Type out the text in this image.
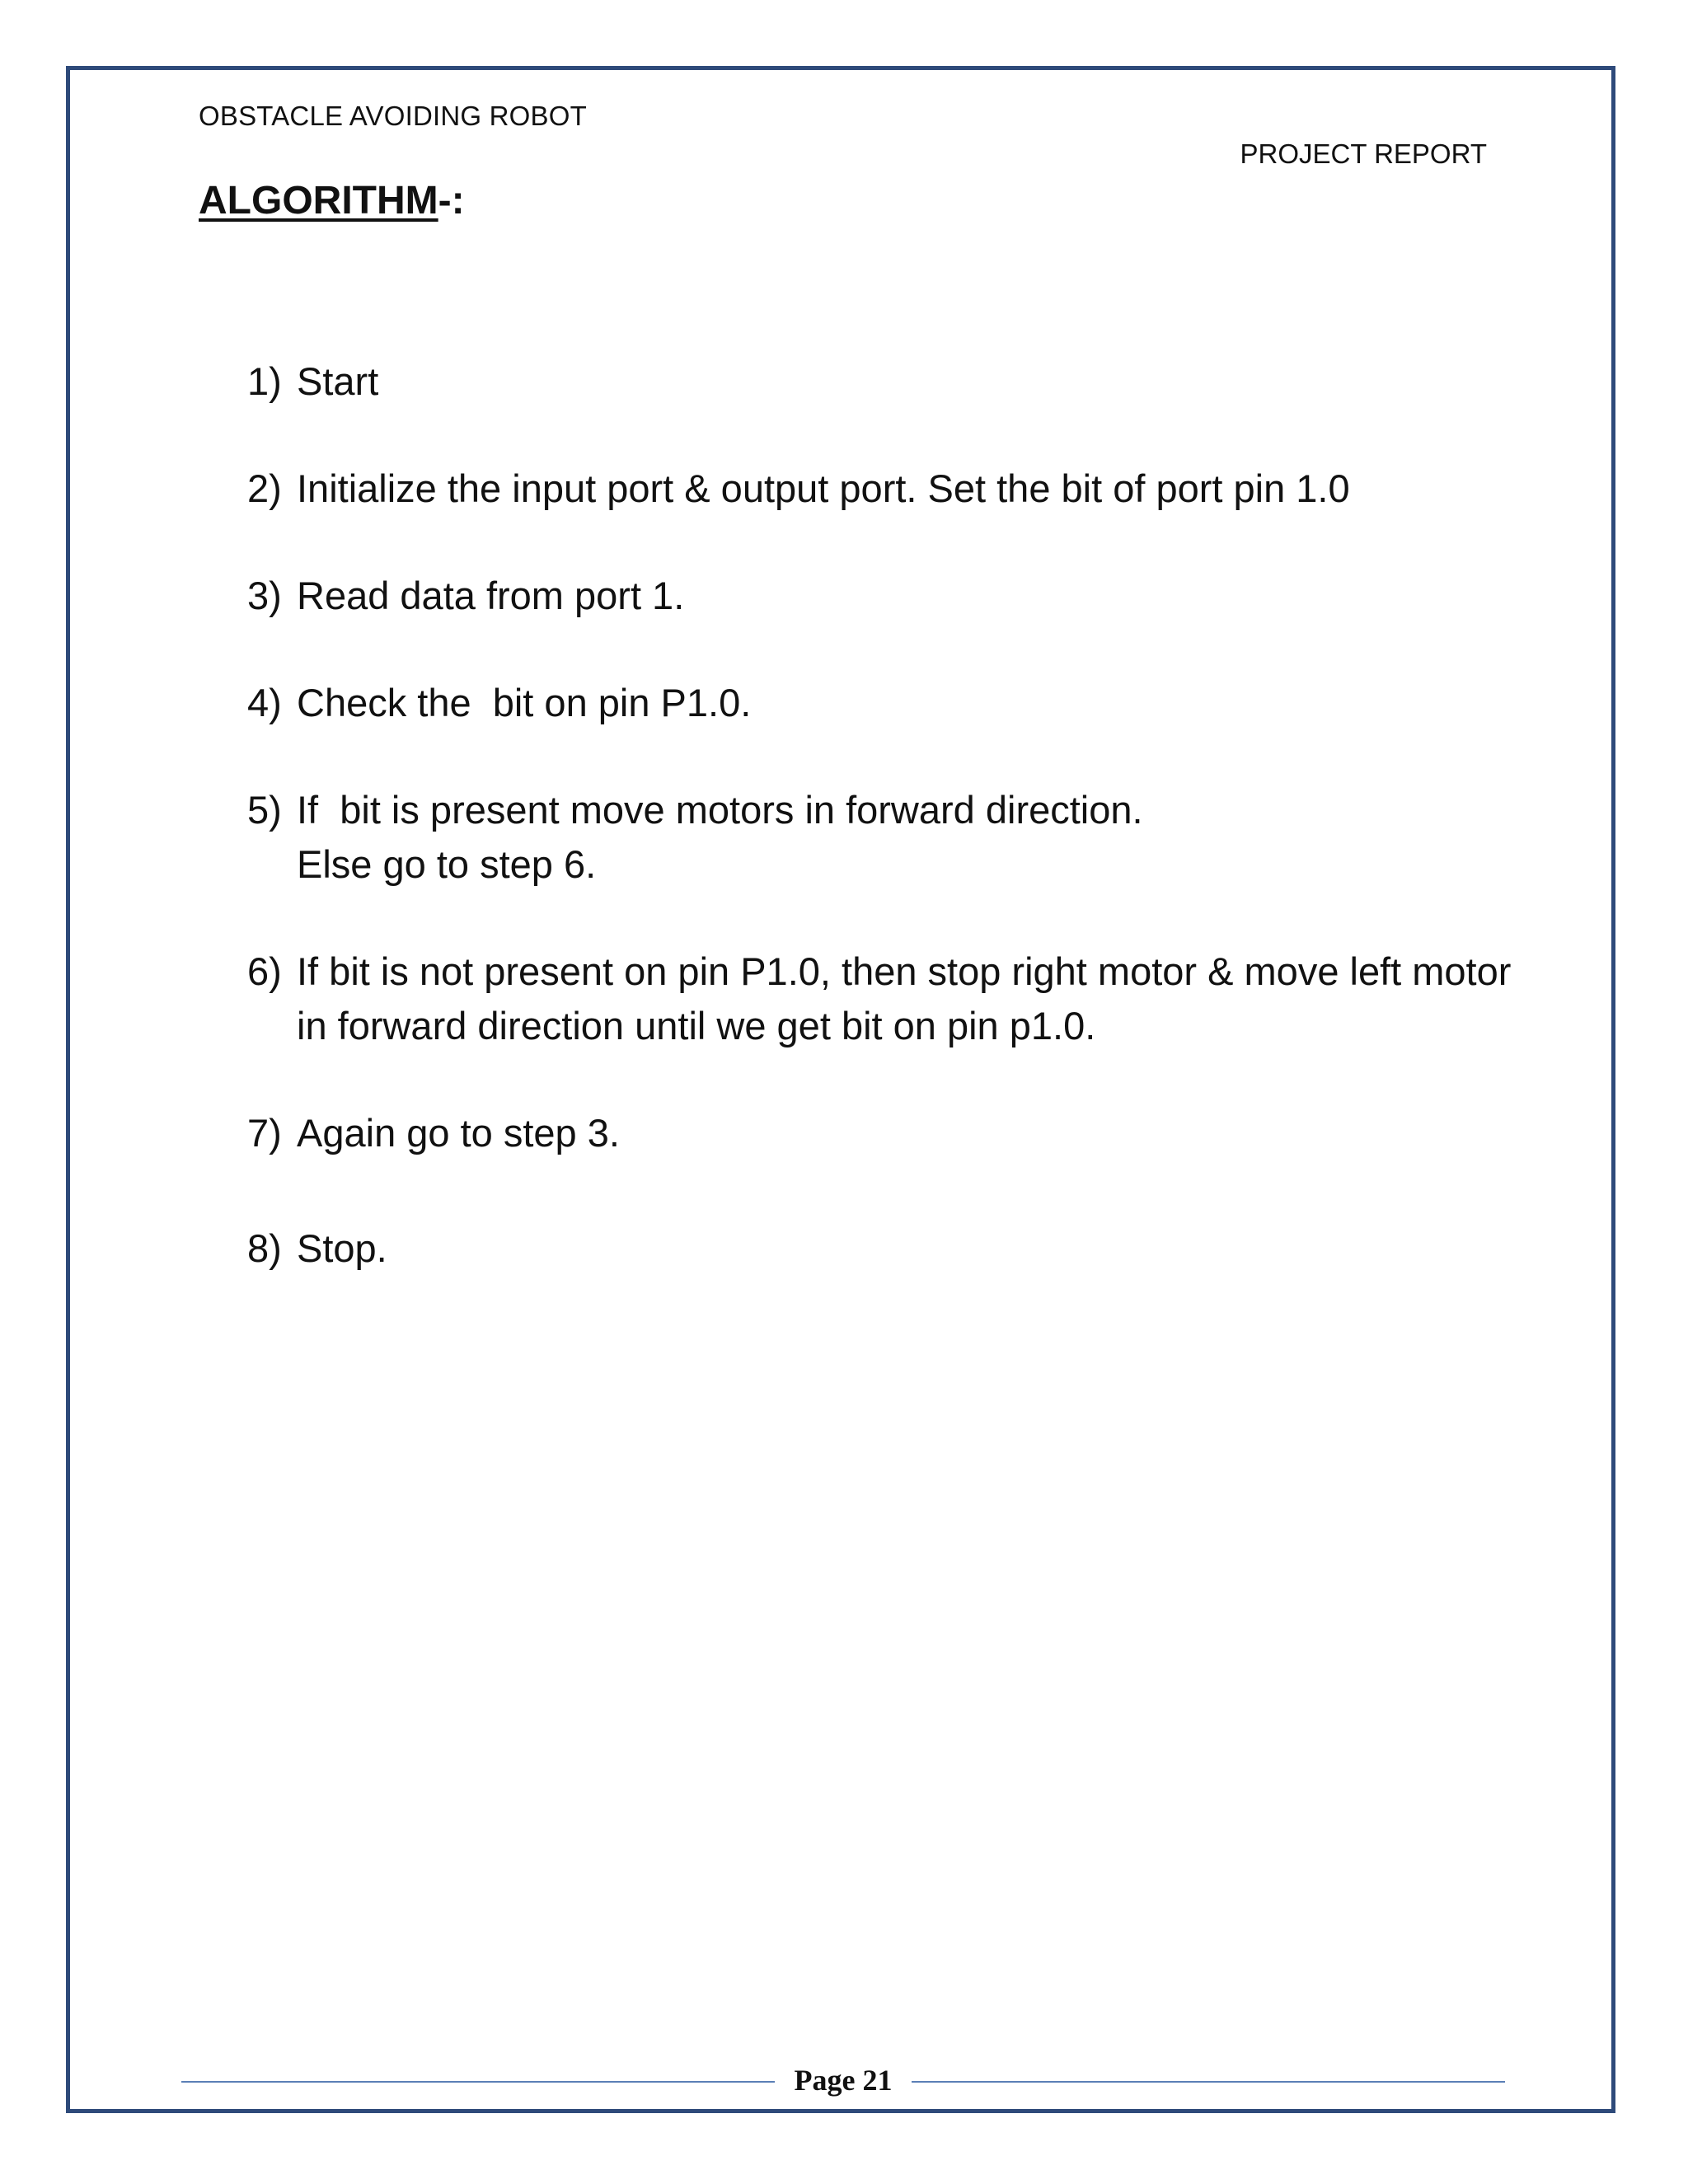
OBSTACLE AVOIDING ROBOT
PROJECT REPORT
ALGORITHM-:
1) Start
2) Initialize the input port & output port. Set the bit of port pin 1.0
3) Read data from port 1.
4) Check the  bit on pin P1.0.
5) If  bit is present move motors in forward direction.
Else go to step 6.
6) If bit is not present on pin P1.0, then stop right motor & move left motor in forward direction until we get bit on pin p1.0.
7) Again go to step 3.
8) Stop.
Page 21
